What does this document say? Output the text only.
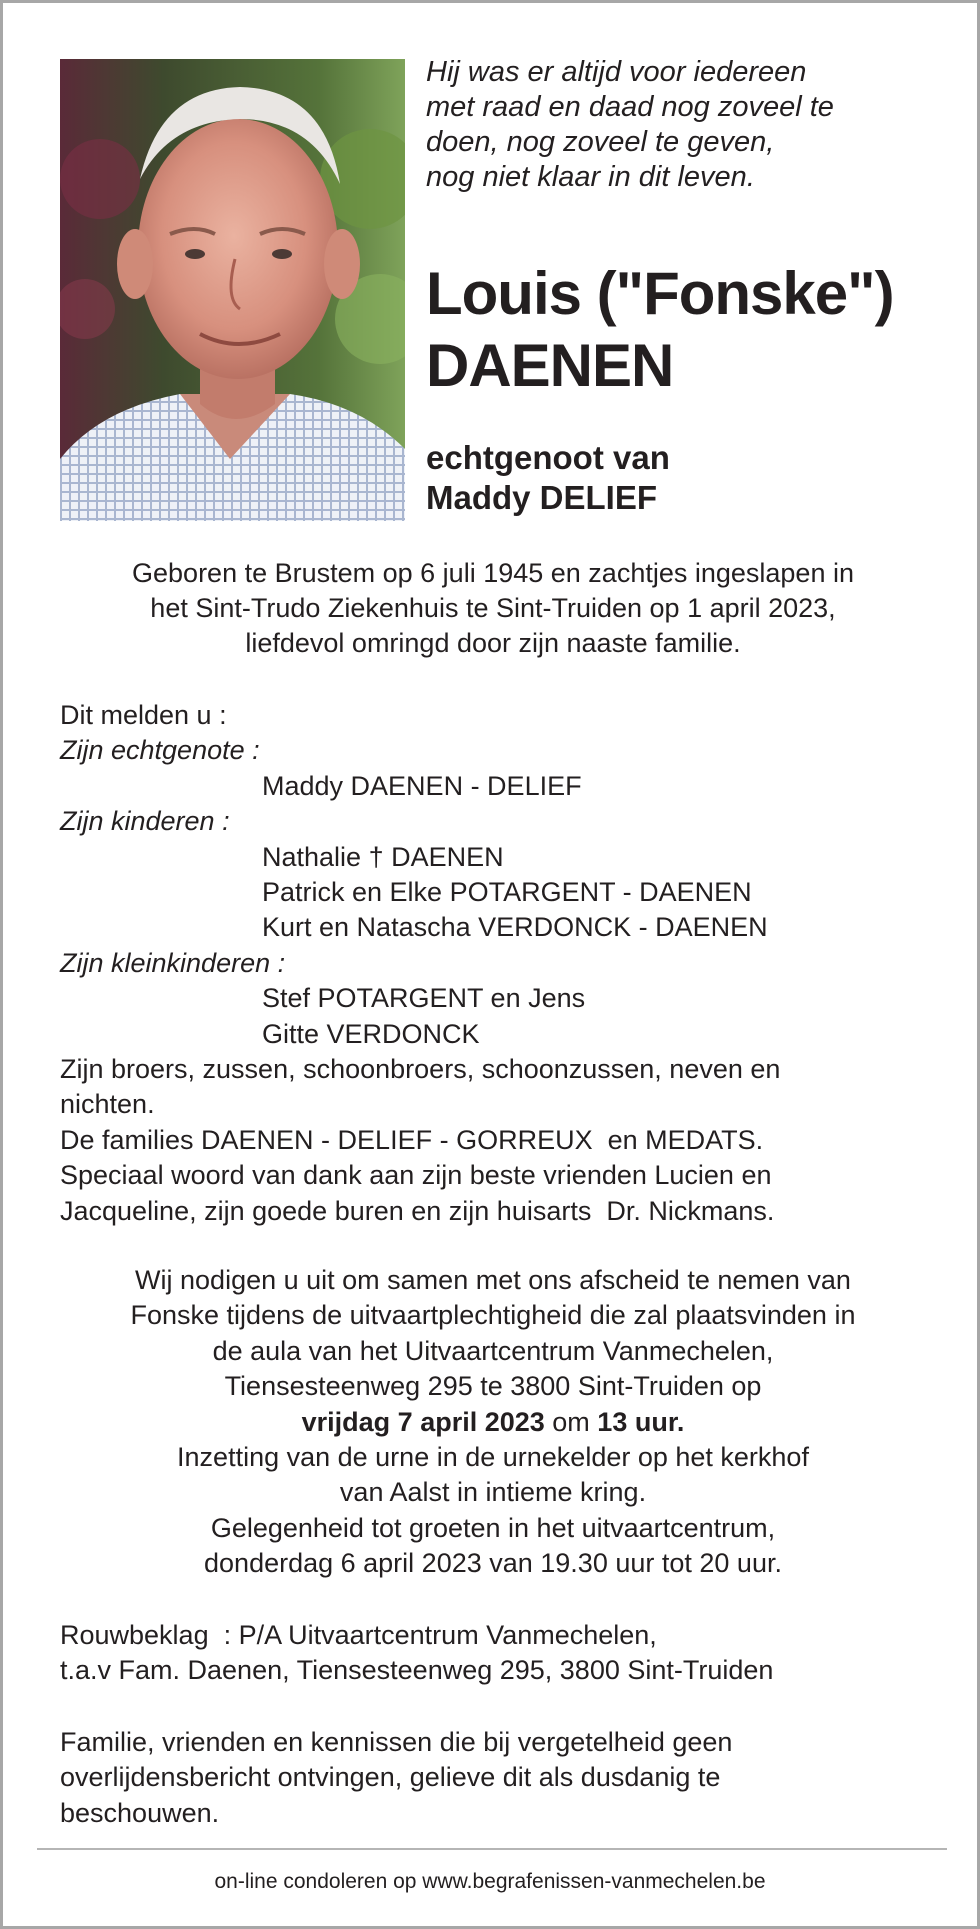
Hij was er altijd voor iedereen
met raad en daad nog zoveel te
doen, nog zoveel te geven,
nog niet klaar in dit leven.
Louis ("Fonske")
DAENEN
echtgenoot van
Maddy DELIEF
Geboren te Brustem op 6 juli 1945 en zachtjes ingeslapen in
het Sint-Trudo Ziekenhuis te Sint-Truiden op 1 april 2023,
liefdevol omringd door zijn naaste familie.
Dit melden u :
Zijn echtgenote :
Maddy DAENEN - DELIEF
Zijn kinderen :
Nathalie † DAENEN
Patrick en Elke POTARGENT - DAENEN
Kurt en Natascha VERDONCK - DAENEN
Zijn kleinkinderen :
Stef POTARGENT en Jens
Gitte VERDONCK
Zijn broers, zussen, schoonbroers, schoonzussen, neven en
nichten.
De families DAENEN - DELIEF - GORREUX  en MEDATS.
Speciaal woord van dank aan zijn beste vrienden Lucien en
Jacqueline, zijn goede buren en zijn huisarts  Dr. Nickmans.
Wij nodigen u uit om samen met ons afscheid te nemen van
Fonske tijdens de uitvaartplechtigheid die zal plaatsvinden in
de aula van het Uitvaartcentrum Vanmechelen,
Tiensesteenweg 295 te 3800 Sint-Truiden op
vrijdag 7 april 2023 om 13 uur.
Inzetting van de urne in de urnekelder op het kerkhof
van Aalst in intieme kring.
Gelegenheid tot groeten in het uitvaartcentrum,
donderdag 6 april 2023 van 19.30 uur tot 20 uur.
Rouwbeklag  : P/A Uitvaartcentrum Vanmechelen,
t.a.v Fam. Daenen, Tiensesteenweg 295, 3800 Sint-Truiden
Familie, vrienden en kennissen die bij vergetelheid geen
overlijdensbericht ontvingen, gelieve dit als dusdanig te
beschouwen.
on-line condoleren op www.begrafenissen-vanmechelen.be
